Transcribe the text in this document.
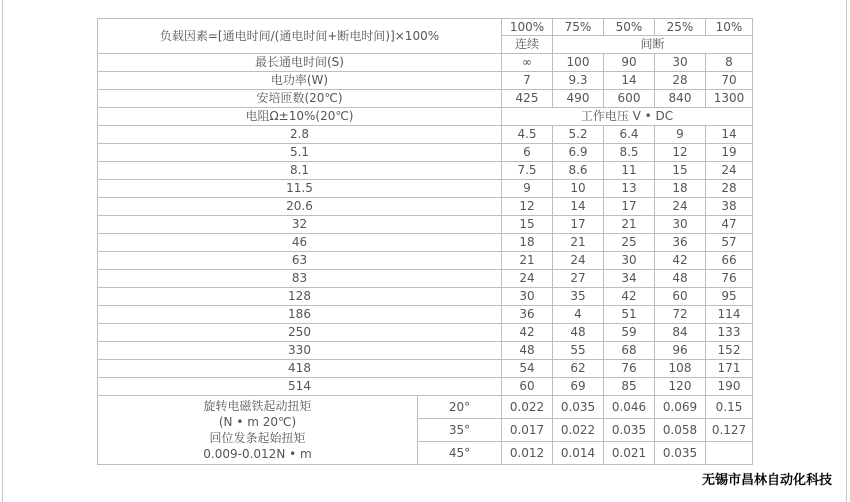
负载因素=[通电时间/(通电时间+断电时间)]×100%		100%	75%	50%	25%	10%
		连续	间断			
最长通电时间(S)		∞	100	90	30	8
电功率(W)		7	9.3	14	28	70
安培匝数(20℃)		425	490	600	840	1300
电阻Ω±10%(20℃)		工作电压 V • DC				
2.8		4.5	5.2	6.4	9	14
5.1		6	6.9	8.5	12	19
8.1		7.5	8.6	11	15	24
11.5		9	10	13	18	28
20.6		12	14	17	24	38
32		15	17	21	30	47
46		18	21	25	36	57
63		21	24	30	42	66
83		24	27	34	48	76
128		30	35	42	60	95
186		36	4	51	72	114
250		42	48	59	84	133
330		48	55	68	96	152
418		54	62	76	108	171
514		60	69	85	120	190

旋转电磁铁起动扭矩
(N • m 20℃)
回位发条起始扭矩
0.009-0.012N • m	20°	0.022	0.035	0.046	0.069	0.15
	35°	0.017	0.022	0.035	0.058	0.127
	45°	0.012	0.014	0.021	0.035	
无锡市昌林自动化科技
